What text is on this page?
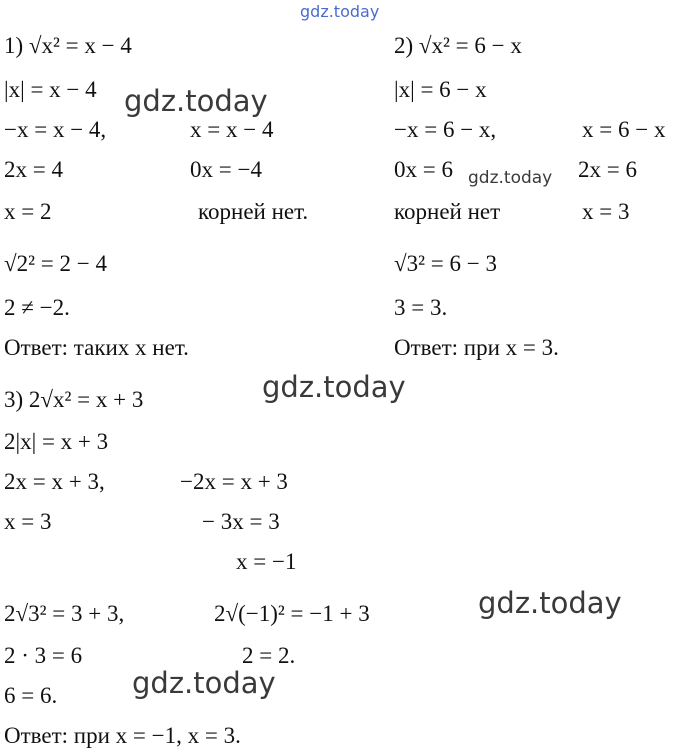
gdz.today
gdz.today
gdz.today
gdz.today
gdz.today
gdz.today
1) √x² = x − 4
|x| = x − 4
−x = x − 4,	x = x − 4
2x = 4	0x = −4
x = 2	корней нет.
√2² = 2 − 4
2 ≠ −2.
Ответ: таких x нет.
2) √x² = 6 − x
|x| = 6 − x
−x = 6 − x,	x = 6 − x
0x = 6	2x = 6
корней нет	x = 3
√3² = 6 − 3
3 = 3.
Ответ: при x = 3.
3) 2√x² = x + 3
2|x| = x + 3
2x = x + 3,	−2x = x + 3
x = 3	− 3x = 3
x = −1
2√3² = 3 + 3,	2√(−1)² = −1 + 3
2 · 3 = 6	2 = 2.
6 = 6.
Ответ: при x = −1, x = 3.
